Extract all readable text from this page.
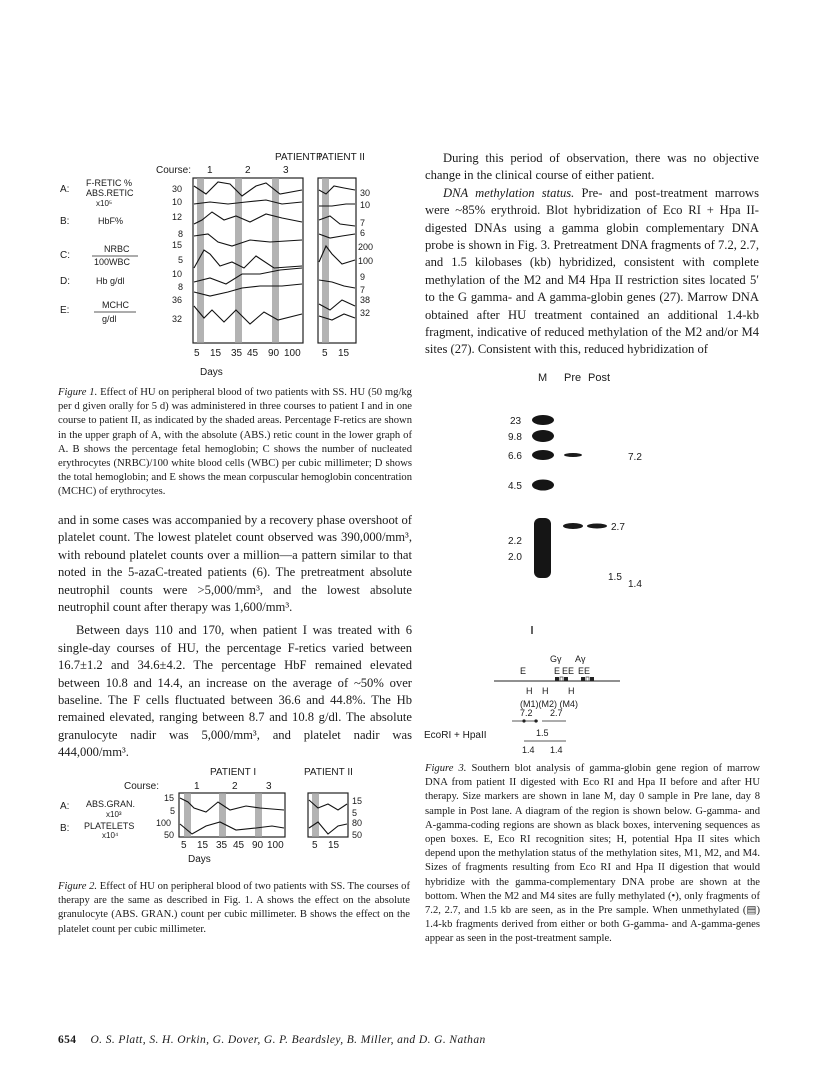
PATIENT I
PATIENT II
Course: 1	2	3
A:
F-RETIC %
ABS.RETIC
x10⁵
B:	HbF%
C:
NRBC
100WBC
D:	Hb g/dl
E:	MCHC
g/dl
30
10
12
8
15
5
10
8
36
32
30
10
7
6
200
100
9
7
38
32
5 15 35 45 90 100 5 15
Days
Figure 1. Effect of HU on peripheral blood of two patients with SS. HU (50 mg/kg per d given orally for 5 d) was administered in three courses to patient I and in one course to patient II, as indicated by the shaded areas. Percentage F-retics are shown in the upper graph of A, with the absolute (ABS.) retic count in the lower graph of A. B shows the percentage fetal hemoglobin; C shows the number of nucleated erythrocytes (NRBC)/100 white blood cells (WBC) per cubic millimeter; D shows the total hemoglobin; and E shows the mean corpuscular hemoglobin concentration (MCHC) of erythrocytes.

and in some cases was accompanied by a recovery phase overshoot of platelet count. The lowest platelet count observed was 390,000/mm³, with rebound platelet counts over a million—a pattern similar to that noted in the 5-azaC-treated patients (6). The pretreatment absolute neutrophil counts were >5,000/mm³, and the lowest absolute neutrophil count after therapy was 1,600/mm³.

Between days 110 and 170, when patient I was treated with 6 single-day courses of HU, the percentage F-retics varied between 16.7±1.2 and 34.6±4.2. The percentage HbF remained elevated between 10.8 and 14.4, an increase on the average of ~50% over baseline. The F cells fluctuated between 36.6 and 44.8%. The Hb remained elevated, ranging between 8.7 and 10.8 g/dl. The absolute granulocyte nadir was 5,000/mm³, and platelet nadir was 444,000/mm³.

PATIENT I	PATIENT II
Course:	1	2	3
A: ABS.GRAN.
x10³
B: PLATELETS
x10⁴
15
5
100
50
15
5
80
50
5 15 35 45 90 100	5 15
Days
Figure 2. Effect of HU on peripheral blood of two patients with SS. The courses of therapy are the same as described in Fig. 1. A shows the effect on the absolute granulocyte (ABS. GRAN.) count per cubic millimeter. B shows the effect on the platelet count per cubic millimeter.

During this period of observation, there was no objective change in the clinical course of either patient.

DNA methylation status. Pre- and post-treatment marrows were ~85% erythroid. Blot hybridization of Eco RI + Hpa II-digested DNAs using a gamma globin complementary DNA probe is shown in Fig. 3. Pretreatment DNA fragments of 7.2, 2.7, and 1.5 kilobases (kb) hybridized, consistent with complete methylation of the M2 and M4 Hpa II restriction sites located 5′ to the G gamma- and A gamma-globin genes (27). Marrow DNA obtained after HU treatment contained an additional 1.4-kb fragment, indicative of reduced methylation of the M2 and/or M4 sites (27). Consistent with this, reduced hybridization of

M Pre Post
23
9.8
6.6
4.5
2.2
2.0
7.2
2.7
1.5
1.4
Gγ Aγ
E	E EE EE
H H H
(M1)(M2) (M4)
7.2 2.7
EcoRI + HpaII	1.5
1.4 1.4
Figure 3. Southern blot analysis of gamma-globin gene region of marrow DNA from patient II digested with Eco RI and Hpa II before and after HU therapy. Size markers are shown in lane M, day 0 sample in Pre lane, day 8 sample in Post lane. A diagram of the region is shown below. G-gamma- and A-gamma-coding regions are shown as black boxes, intervening sequences as open boxes. E, Eco RI recognition sites; H, potential Hpa II sites which depend upon the methylation status of the methylation sites, M1, M2, and M4. Sizes of fragments resulting from Eco RI and Hpa II digestion that would hybridize with the gamma-complementary DNA probe are shown at the bottom. When the M2 and M4 sites are fully methylated (•), only fragments of 7.2, 2.7, and 1.5 kb are seen, as in the Pre sample. When unmethylated (▤) 1.4-kb fragments derived from either or both G-gamma- and A-gamma-genes appear as seen in the post-treatment sample.
654 O. S. Platt, S. H. Orkin, G. Dover, G. P. Beardsley, B. Miller, and D. G. Nathan
